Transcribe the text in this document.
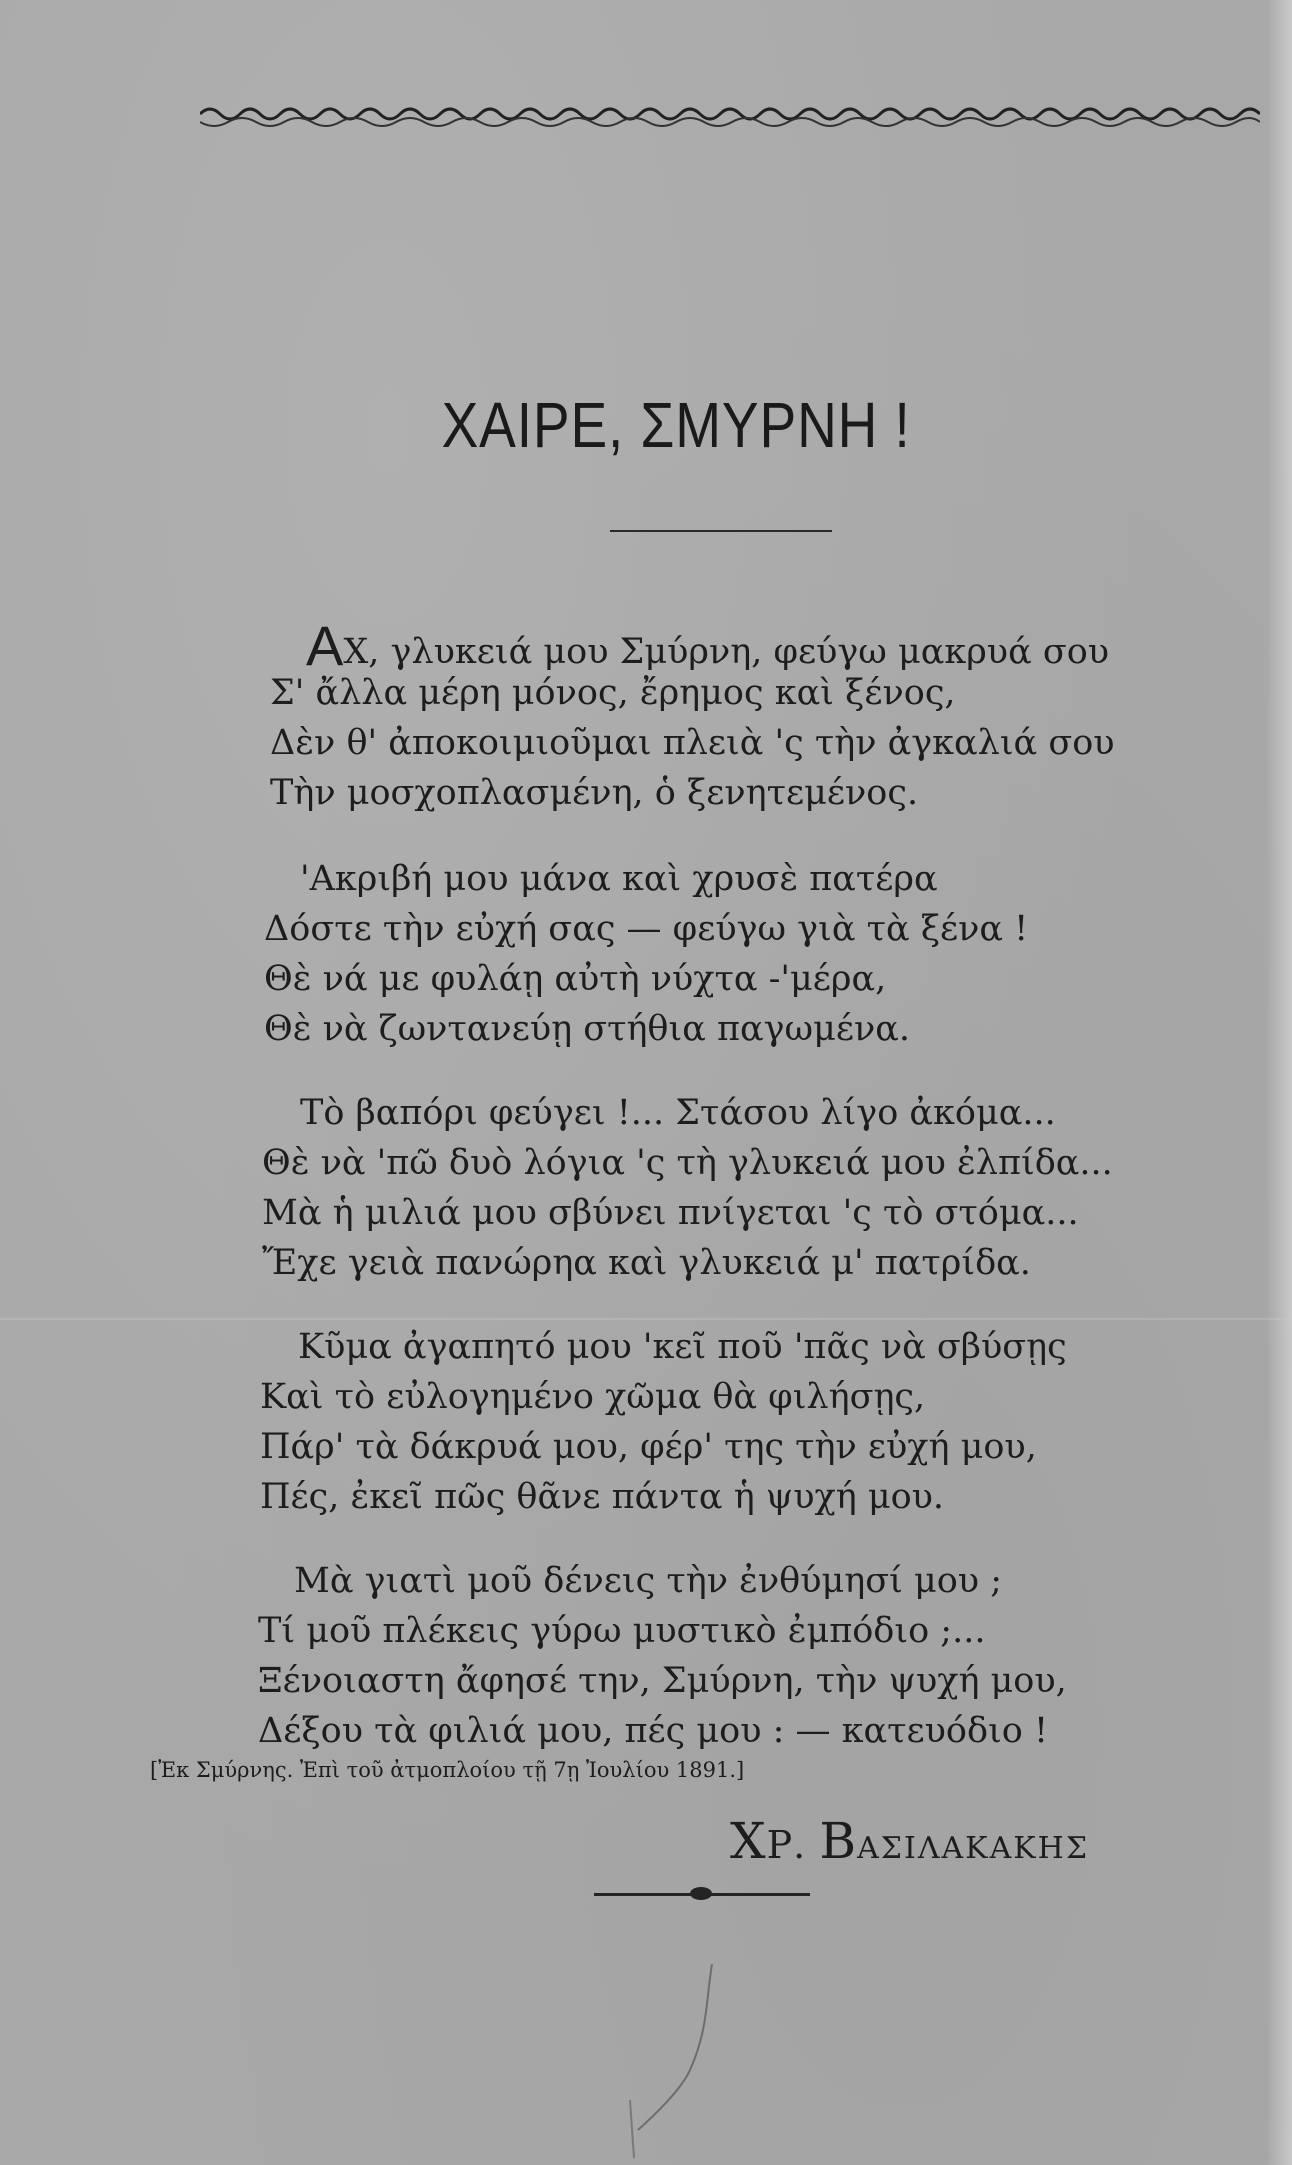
ΧΑΙΡΕ, ΣΜΥΡΝΗ !
ΑΧ, γλυκειά μου Σμύρνη, φεύγω μακρυά σου
Σ' ἄλλα μέρη μόνος, ἔρημος καὶ ξένος,
Δὲν θ' ἀποκοιμιοῦμαι πλειὰ 'ς τὴν ἀγκαλιά σου
Τὴν μοσχοπλασμένη, ὁ ξενητεμένος.
'Ακριβή μου μάνα καὶ χρυσὲ πατέρα
Δόστε τὴν εὐχή σας — φεύγω γιὰ τὰ ξένα !
Θὲ νά με φυλάῃ αὐτὴ νύχτα -'μέρα,
Θὲ νὰ ζωντανεύῃ στήθια παγωμένα.
Τὸ βαπόρι φεύγει !... Στάσου λίγο ἀκόμα...
Θὲ νὰ 'πῶ δυὸ λόγια 'ς τὴ γλυκειά μου ἐλπίδα...
Μὰ ἡ μιλιά μου σβύνει πνίγεται 'ς τὸ στόμα...
Ἔχε γειὰ πανώρηα καὶ γλυκειά μ' πατρίδα.
Κῦμα ἀγαπητό μου 'κεῖ ποῦ 'πᾶς νὰ σβύσῃς
Καὶ τὸ εὐλογημένο χῶμα θὰ φιλήσῃς,
Πάρ' τὰ δάκρυά μου, φέρ' της τὴν εὐχή μου,
Πές, ἐκεῖ πῶς θᾶνε πάντα ἡ ψυχή μου.
Μὰ γιατὶ μοῦ δένεις τὴν ἐνθύμησί μου ;
Τί μοῦ πλέκεις γύρω μυστικὸ ἐμπόδιο ;...
Ξένοιαστη ἄφησέ την, Σμύρνη, τὴν ψυχή μου,
Δέξου τὰ φιλιά μου, πές μου : — κατευόδιο !
[Ἐκ Σμύρνης. Ἐπὶ τοῦ ἀτμοπλοίου τῇ 7ῃ Ἰουλίου 1891.]
ΧΡ. ΒΑΣΙΛΑΚΑΚΗΣ
